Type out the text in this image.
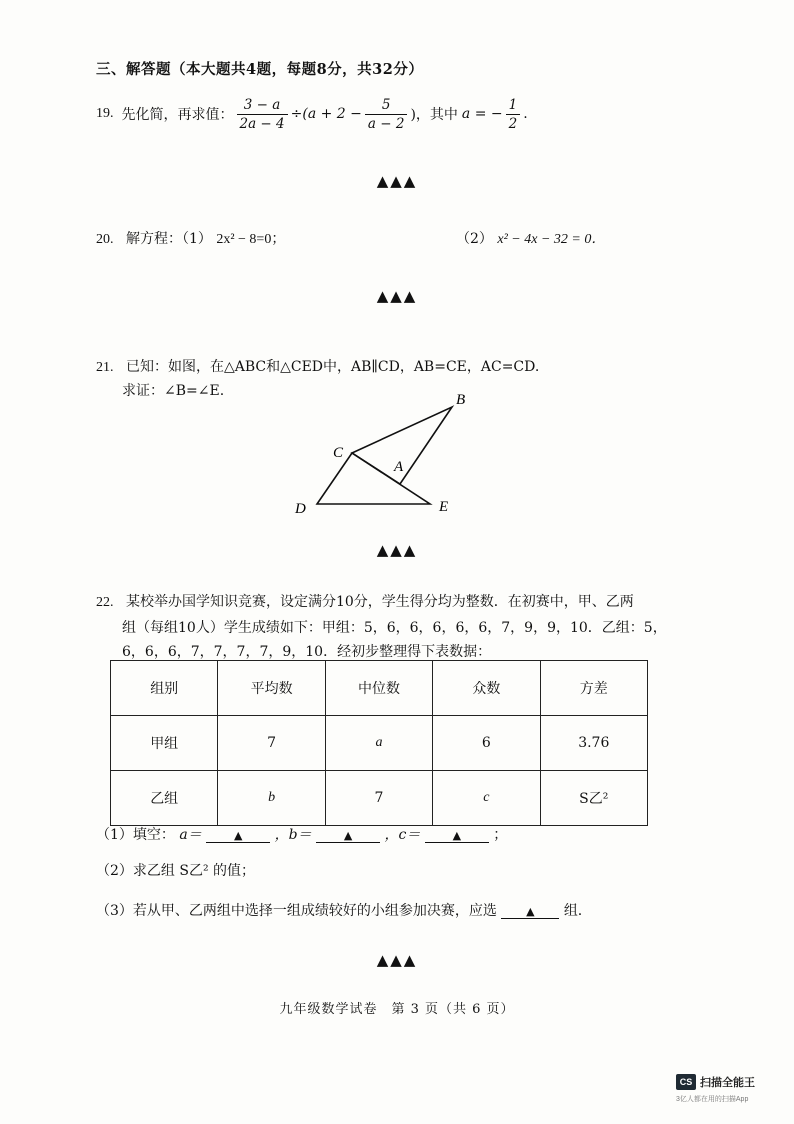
三、解答题（本大题共4题，每题8分，共32分）
19. 先化简，再求值： $\frac{3 - a}{2a - 4} \div(a + 2 - \frac{5}{a - 2}$ )，其中 a = − $\frac{1}{2}$ .
▲▲▲
20. 解方程：（1） 2x² − 8=0；	（2） x² − 4x − 32 = 0．
▲▲▲
21. 已知：如图，在△ABC和△CED中，AB∥CD，AB=CE，AC=CD.
求证：∠B=∠E.
B
C
A
D	E
▲▲▲
22. 某校举办国学知识竞赛，设定满分10分，学生得分均为整数．在初赛中，甲、乙两
组（每组10人）学生成绩如下：甲组：5，6，6，6，6，6，7，9，9，10．乙组：5，
6，6，6，7，7，7，7，9，10．经初步整理得下表数据：
组别	平均数	中位数	众数	方差
甲组	7	a	6	3.76
乙组	b	7	c	S乙²
（1）填空： a＝	▲ ，b＝	▲ ，c＝	▲ ；
（2）求乙组 S乙² 的值；
（3）若从甲、乙两组中选择一组成绩较好的小组参加决赛，应选	▲ 组.
▲▲▲
九年级数学试卷　第 3 页（共 6 页）
CS 扫描全能王
3亿人都在用的扫描App
